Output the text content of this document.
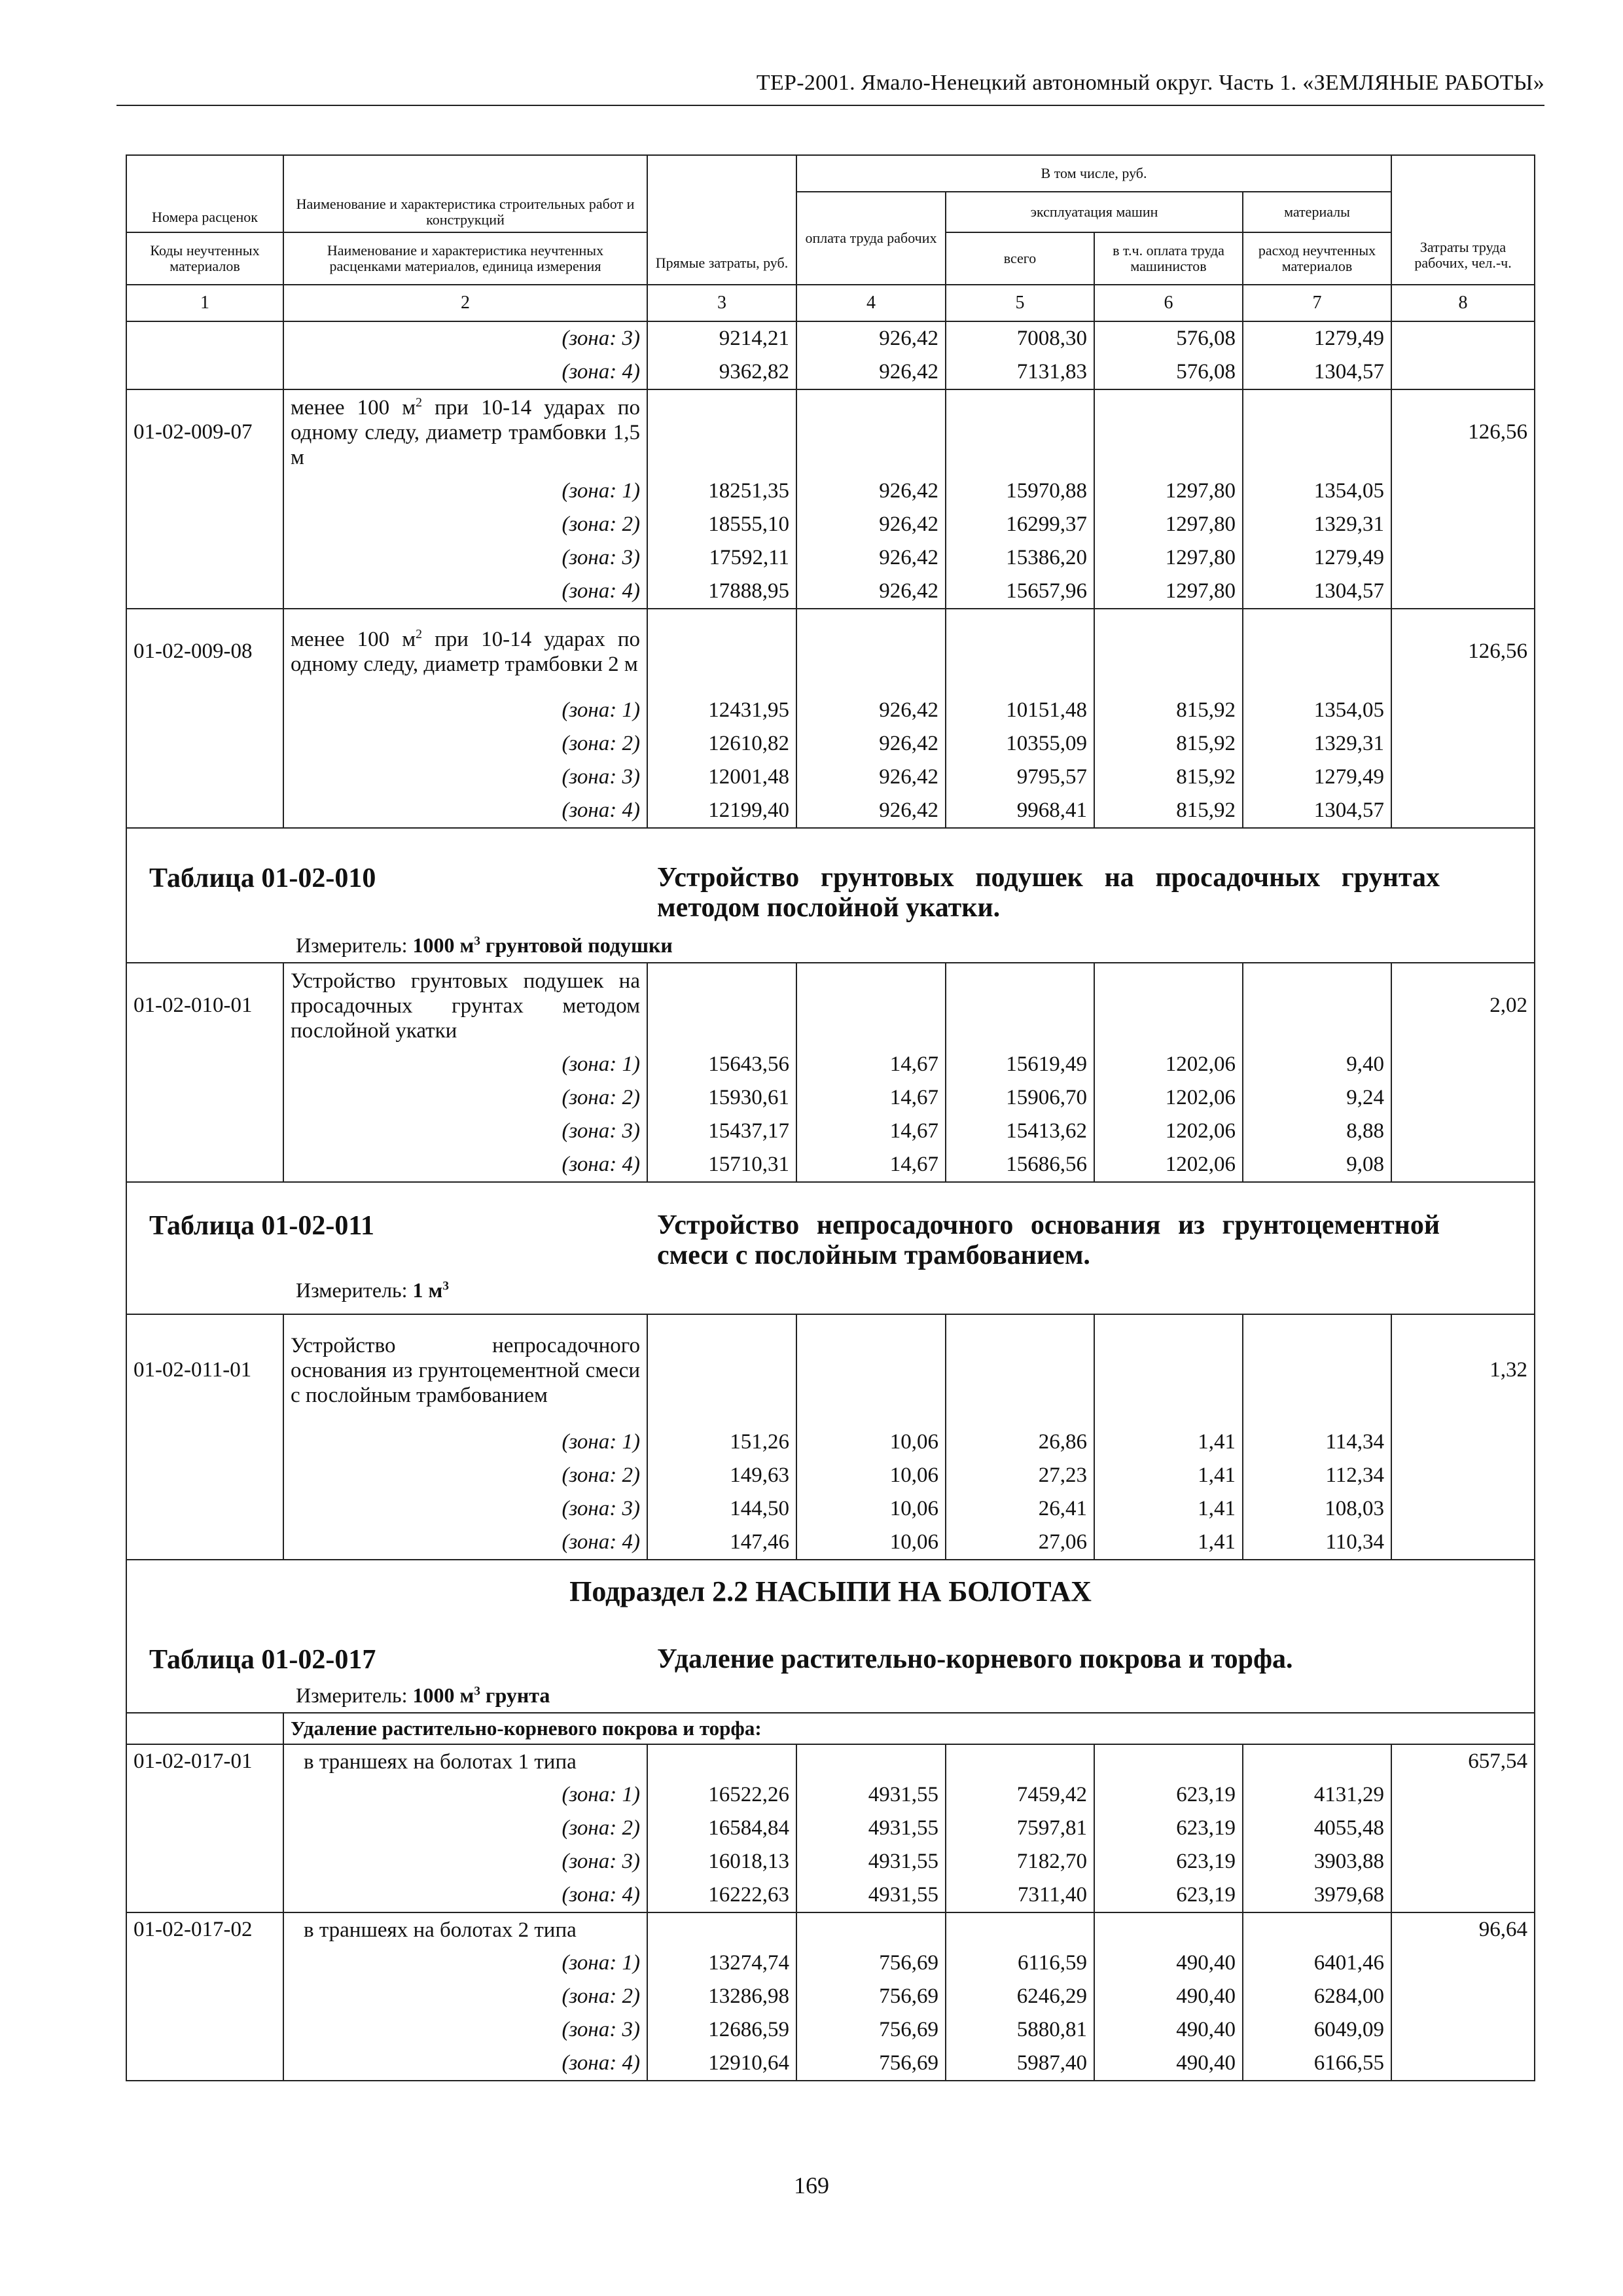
ТЕР-2001. Ямало-Ненецкий автономный округ. Часть 1. «ЗЕМЛЯНЫЕ РАБОТЫ»
Номера расценок	Наименование и характеристика строительных работ и конструкций	Прямые затраты, руб.	В том числе, руб.				Затраты труда рабочих, чел.-ч.
			оплата труда рабочих	эксплуатация машин		материалы	
Коды неучтенных материалов	Наименование и характеристика неучтенных расценками материалов, единица измерения			всего	в т.ч. оплата труда машинистов	расход неучтенных материалов	
1	2	3	4	5	6	7	8
	(зона: 3)	9214,21	926,42	7008,30	576,08	1279,49	
	(зона: 4)	9362,82	926,42	7131,83	576,08	1304,57	
01-02-009-07	менее 100 $м^2$ при 10-14 ударах по одному следу, диаметр трамбовки 1,5 м						126,56
	(зона: 1)	18251,35	926,42	15970,88	1297,80	1354,05	
	(зона: 2)	18555,10	926,42	16299,37	1297,80	1329,31	
	(зона: 3)	17592,11	926,42	15386,20	1297,80	1279,49	
	(зона: 4)	17888,95	926,42	15657,96	1297,80	1304,57	
01-02-009-08	менее 100 $м^2$ при 10-14 ударах по одному следу, диаметр трамбовки 2 м						126,56
	(зона: 1)	12431,95	926,42	10151,48	815,92	1354,05	
	(зона: 2)	12610,82	926,42	10355,09	815,92	1329,31	
	(зона: 3)	12001,48	926,42	9795,57	815,92	1279,49	
	(зона: 4)	12199,40	926,42	9968,41	815,92	1304,57	

Таблица 01-02-010 Устройство грунтовых подушек на просадочных грунтах методом послойной укатки.
Измеритель: 1000 $м^3$ грунтовой подушки							

01-02-010-01	Устройство грунтовых подушек на просадочных грунтах методом послойной укатки						2,02
	(зона: 1)	15643,56	14,67	15619,49	1202,06	9,40	
	(зона: 2)	15930,61	14,67	15906,70	1202,06	9,24	
	(зона: 3)	15437,17	14,67	15413,62	1202,06	8,88	
	(зона: 4)	15710,31	14,67	15686,56	1202,06	9,08	

Таблица 01-02-011 Устройство непросадочного основания из грунтоцементной смеси с послойным трамбованием.
Измеритель: 1 $м^3$

01-02-011-01	Устройство непросадочного основания из грунтоцементной смеси с послойным трамбованием						1,32
	(зона: 1)	151,26	10,06	26,86	1,41	114,34	
	(зона: 2)	149,63	10,06	27,23	1,41	112,34	
	(зона: 3)	144,50	10,06	26,41	1,41	108,03	
	(зона: 4)	147,46	10,06	27,06	1,41	110,34	

Подраздел 2.2 НАСЫПИ НА БОЛОТАХ
Таблица 01-02-017 Удаление растительно-корневого покрова и торфа.
Измеритель: 1000 $м^3$ грунта							

	Удаление растительно-корневого покрова и торфа:						
01-02-017-01	в траншеях на болотах 1 типа						657,54
	(зона: 1)	16522,26	4931,55	7459,42	623,19	4131,29	
	(зона: 2)	16584,84	4931,55	7597,81	623,19	4055,48	
	(зона: 3)	16018,13	4931,55	7182,70	623,19	3903,88	
	(зона: 4)	16222,63	4931,55	7311,40	623,19	3979,68	
01-02-017-02	в траншеях на болотах 2 типа						96,64
	(зона: 1)	13274,74	756,69	6116,59	490,40	6401,46	
	(зона: 2)	13286,98	756,69	6246,29	490,40	6284,00	
	(зона: 3)	12686,59	756,69	5880,81	490,40	6049,09	
	(зона: 4)	12910,64	756,69	5987,40	490,40	6166,55	
169
